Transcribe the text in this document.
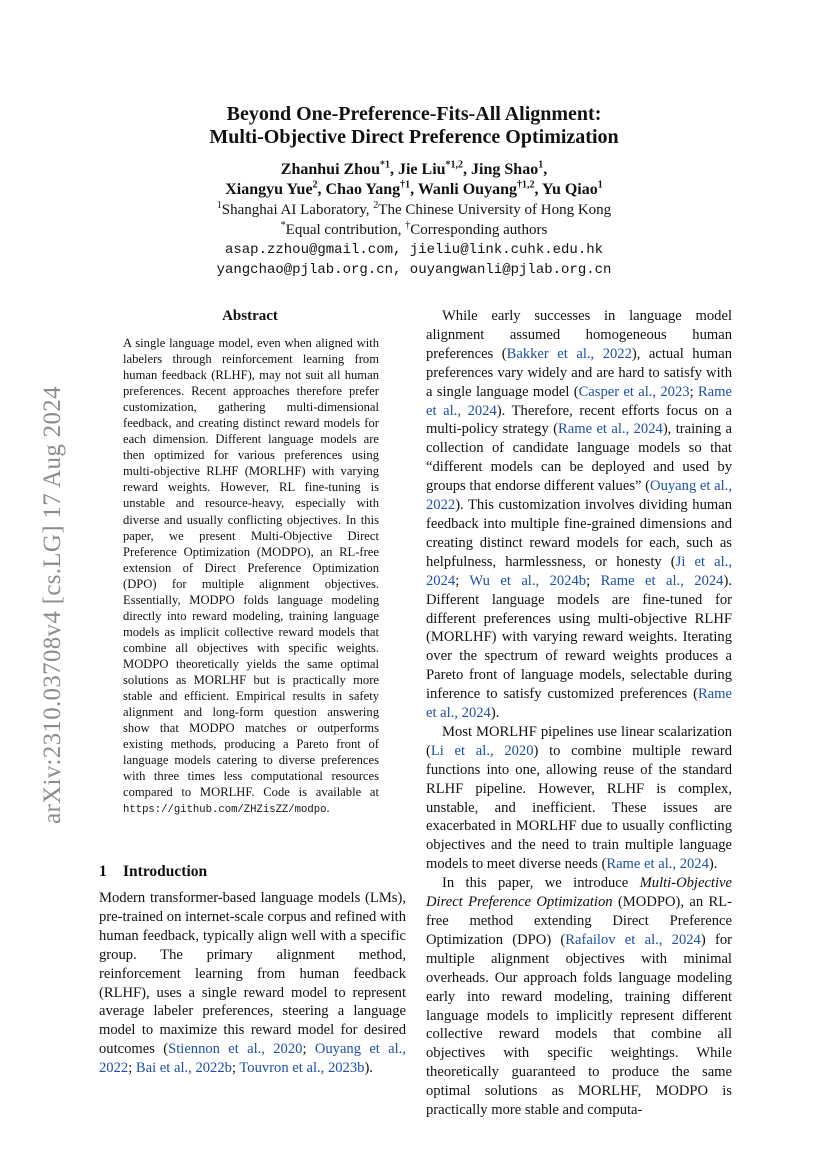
Beyond One-Preference-Fits-All Alignment:
Multi-Objective Direct Preference Optimization
Zhanhui Zhou$^{*1}$, Jie Liu$^{*1,2}$, Jing Shao$^1$,
Xiangyu Yue$^2$, Chao Yang$^{\dagger 1}$, Wanli Ouyang$^{\dagger 1,2}$, Yu Qiao$^1$
$^1$Shanghai AI Laboratory, $^2$The Chinese University of Hong Kong
*Equal contribution, †Corresponding authors
asap.zzhou@gmail.com, jieliu@link.cuhk.edu.hk
yangchao@pjlab.org.cn, ouyangwanli@pjlab.org.cn
arXiv:2310.03708v4 [cs.LG] 17 Aug 2024
Abstract
A single language model, even when aligned with labelers through reinforcement learning from human feedback (RLHF), may not suit all human preferences. Recent approaches therefore prefer customization, gathering multi-dimensional feedback, and creating distinct reward models for each dimension. Different language models are then optimized for various preferences using multi-objective RLHF (MORLHF) with varying reward weights. However, RL fine-tuning is unstable and resource-heavy, especially with diverse and usually conflicting objectives. In this paper, we present Multi-Objective Direct Preference Optimization (MODPO), an RL-free extension of Direct Preference Optimization (DPO) for multiple alignment objectives. Essentially, MODPO folds language modeling directly into reward modeling, training language models as implicit collective reward models that combine all objectives with specific weights. MODPO theoretically yields the same optimal solutions as MORLHF but is practically more stable and efficient. Empirical results in safety alignment and long-form question answering show that MODPO matches or outperforms existing methods, producing a Pareto front of language models catering to diverse preferences with three times less computational resources compared to MORLHF. Code is available at https://github.com/ZHZisZZ/modpo.
1 Introduction

Modern transformer-based language models (LMs), pre-trained on internet-scale corpus and refined with human feedback, typically align well with a specific group. The primary alignment method, reinforcement learning from human feedback (RLHF), uses a single reward model to represent average labeler preferences, steering a language model to maximize this reward model for desired outcomes (Stiennon et al., 2020; Ouyang et al., 2022; Bai et al., 2022b; Touvron et al., 2023b).

While early successes in language model alignment assumed homogeneous human preferences (Bakker et al., 2022), actual human preferences vary widely and are hard to satisfy with a single language model (Casper et al., 2023; Rame et al., 2024). Therefore, recent efforts focus on a multi-policy strategy (Rame et al., 2024), training a collection of candidate language models so that “different models can be deployed and used by groups that endorse different values” (Ouyang et al., 2022). This customization involves dividing human feedback into multiple fine-grained dimensions and creating distinct reward models for each, such as helpfulness, harmlessness, or honesty (Ji et al., 2024; Wu et al., 2024b; Rame et al., 2024). Different language models are fine-tuned for different preferences using multi-objective RLHF (MORLHF) with varying reward weights. Iterating over the spectrum of reward weights produces a Pareto front of language models, selectable during inference to satisfy customized preferences (Rame et al., 2024).

Most MORLHF pipelines use linear scalarization (Li et al., 2020) to combine multiple reward functions into one, allowing reuse of the standard RLHF pipeline. However, RLHF is complex, unstable, and inefficient. These issues are exacerbated in MORLHF due to usually conflicting objectives and the need to train multiple language models to meet diverse needs (Rame et al., 2024).

In this paper, we introduce Multi-Objective Direct Preference Optimization (MODPO), an RL-free method extending Direct Preference Optimization (DPO) (Rafailov et al., 2024) for multiple alignment objectives with minimal overheads. Our approach folds language modeling early into reward modeling, training different language models to implicitly represent different collective reward models that combine all objectives with specific weightings. While theoretically guaranteed to produce the same optimal solutions as MORLHF, MODPO is practically more stable and computa-
